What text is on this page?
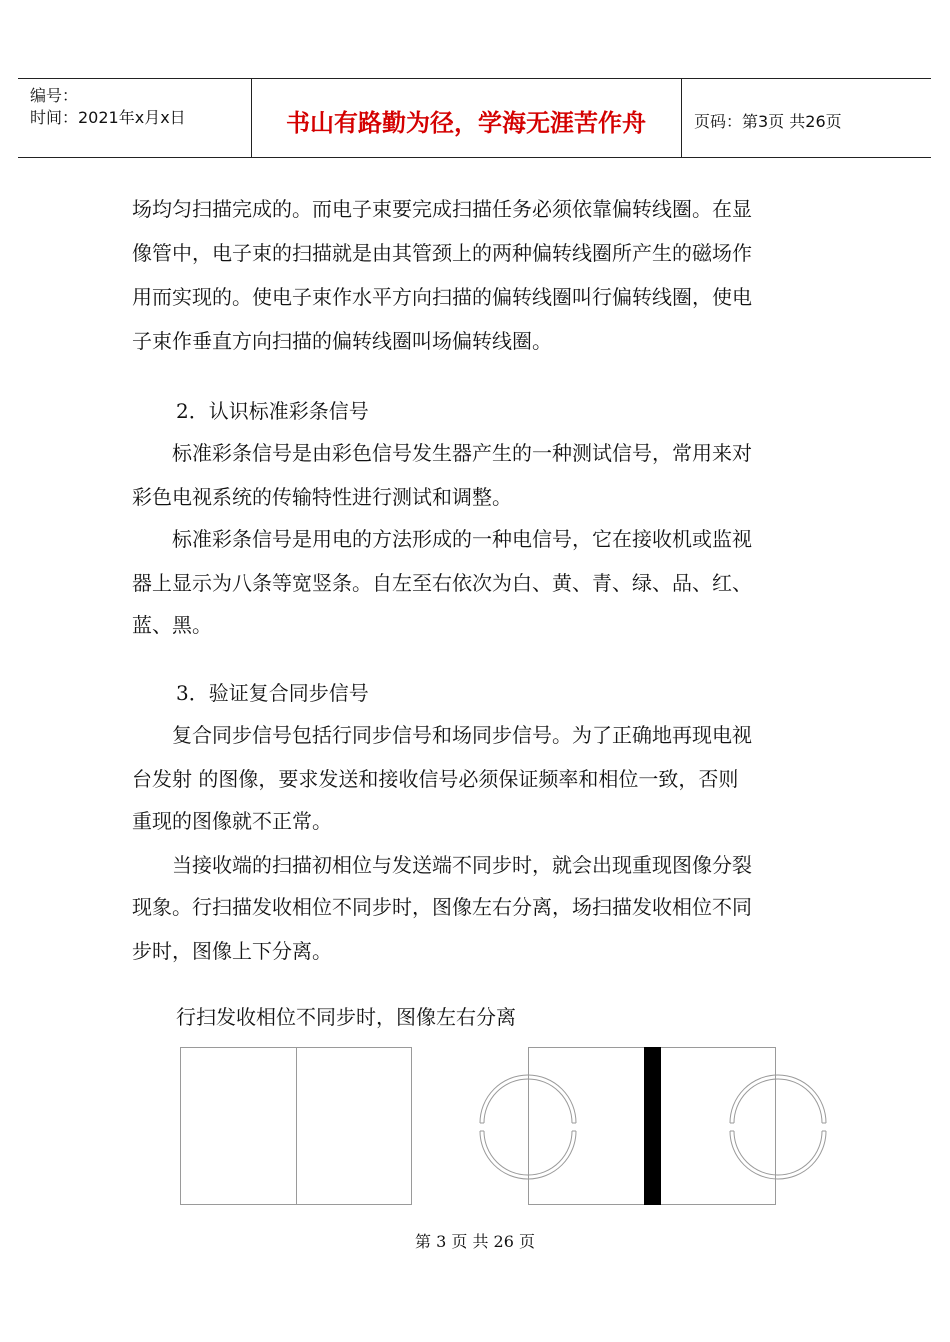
编号：
时间：2021年x月x日	书山有路勤为径，学海无涯苦作舟	页码：第3页 共26页
场均匀扫描完成的。而电子束要完成扫描任务必须依靠偏转线圈。在显
像管中，电子束的扫描就是由其管颈上的两种偏转线圈所产生的磁场作
用而实现的。使电子束作水平方向扫描的偏转线圈叫行偏转线圈，使电
子束作垂直方向扫描的偏转线圈叫场偏转线圈。
2．认识标准彩条信号
　　标准彩条信号是由彩色信号发生器产生的一种测试信号，常用来对
彩色电视系统的传输特性进行测试和调整。
　　标准彩条信号是用电的方法形成的一种电信号，它在接收机或监视
器上显示为八条等宽竖条。自左至右依次为白、黄、青、绿、品、红、
蓝、黑。
3．验证复合同步信号
　　复合同步信号包括行同步信号和场同步信号。为了正确地再现电视
台发射 的图像，要求发送和接收信号必须保证频率和相位一致，否则
重现的图像就不正常。
　　当接收端的扫描初相位与发送端不同步时，就会出现重现图像分裂
现象。行扫描发收相位不同步时，图像左右分离，场扫描发收相位不同
步时，图像上下分离。
行扫发收相位不同步时，图像左右分离
第 3 页 共 26 页
